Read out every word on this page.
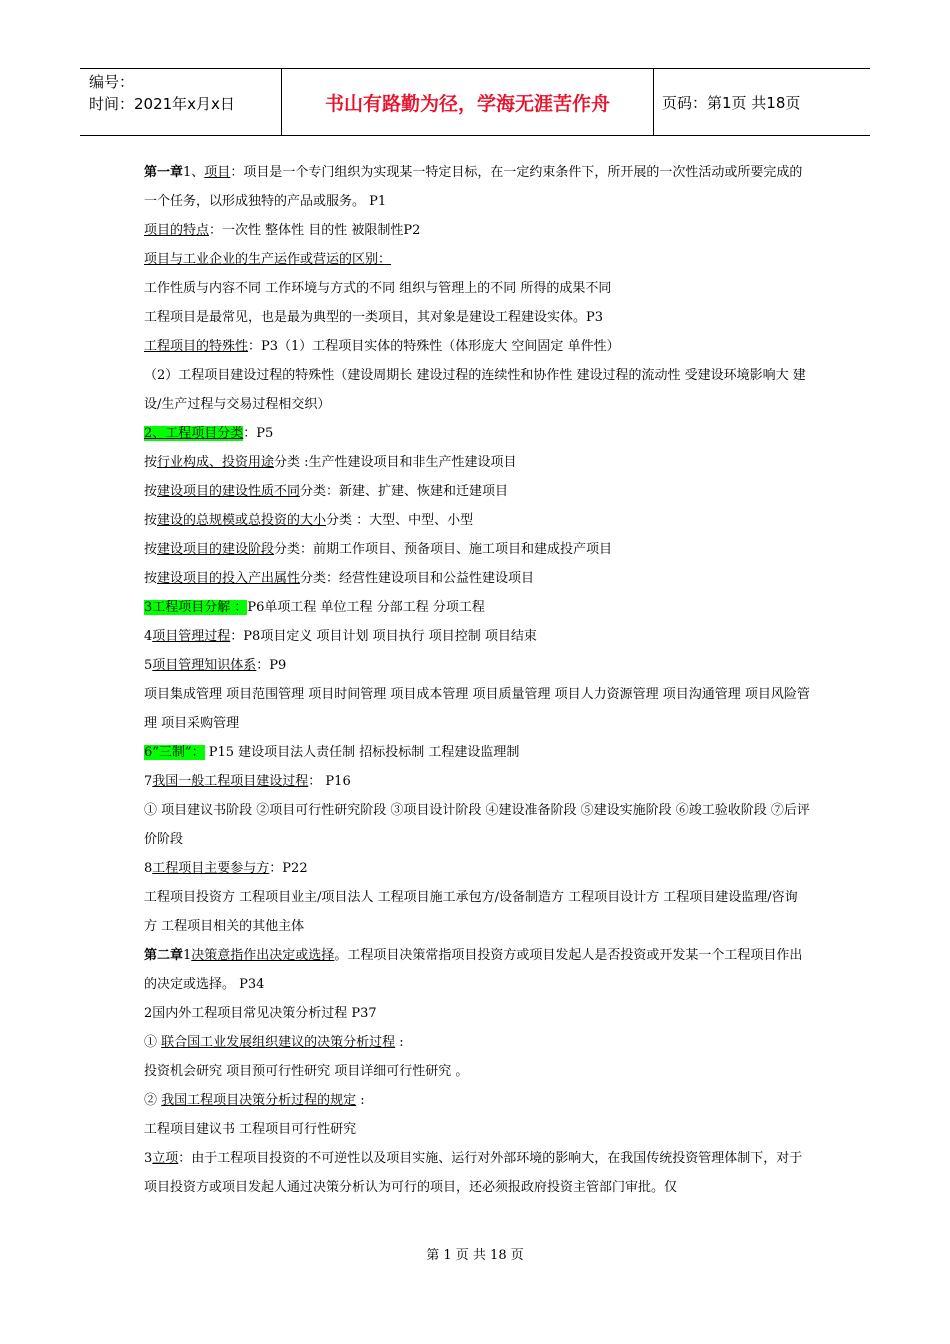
编号：
时间：2021年x月x日	书山有路勤为径，学海无涯苦作舟	页码：第1页 共18页

第一章1、项目：项目是一个专门组织为实现某一特定目标，在一定约束条件下，所开展的一次性活动或所要完成的一个任务，以形成独特的产品或服务。 P1

项目的特点：一次性 整体性 目的性 被限制性P2

项目与工业企业的生产运作或营运的区别：

工作性质与内容不同 工作环境与方式的不同 组织与管理上的不同 所得的成果不同

工程项目是最常见，也是最为典型的一类项目，其对象是建设工程建设实体。P3

工程项目的特殊性：P3（1）工程项目实体的特殊性（体形庞大 空间固定 单件性）

（2）工程项目建设过程的特殊性（建设周期长 建设过程的连续性和协作性 建设过程的流动性 受建设环境影响大 建设/生产过程与交易过程相交织）

2、工程项目分类：P5

按行业构成、投资用途分类 :生产性建设项目和非生产性建设项目

按建设项目的建设性质不同分类：新建、扩建、恢建和迁建项目

按建设的总规模或总投资的大小分类 ：大型、中型、小型

按建设项目的建设阶段分类：前期工作项目、预备项目、施工项目和建成投产项目

按建设项目的投入产出属性分类：经营性建设项目和公益性建设项目

3工程项目分解 ：P6单项工程 单位工程 分部工程 分项工程

4项目管理过程：P8项目定义 项目计划 项目执行 项目控制 项目结束

5项目管理知识体系：P9

项目集成管理 项目范围管理 项目时间管理 项目成本管理 项目质量管理 项目人力资源管理 项目沟通管理 项目风险管理 项目采购管理

6“三制”： P15 建设项目法人责任制 招标投标制 工程建设监理制

7我国一般工程项目建设过程： P16

① 项目建议书阶段 ②项目可行性研究阶段 ③项目设计阶段 ④建设准备阶段 ⑤建设实施阶段 ⑥竣工验收阶段 ⑦后评价阶段

8工程项目主要参与方：P22

工程项目投资方 工程项目业主/项目法人 工程项目施工承包方/设备制造方 工程项目设计方 工程项目建设监理/咨询方 工程项目相关的其他主体

第二章1决策意指作出决定或选择。工程项目决策常指项目投资方或项目发起人是否投资或开发某一个工程项目作出的决定或选择。 P34

2国内外工程项目常见决策分析过程 P37

① 联合国工业发展组织建议的决策分析过程 :

投资机会研究 项目预可行性研究 项目详细可行性研究 。

② 我国工程项目决策分析过程的规定 :

工程项目建议书 工程项目可行性研究

3立项：由于工程项目投资的不可逆性以及项目实施、运行对外部环境的影响大，在我国传统投资管理体制下，对于项目投资方或项目发起人通过决策分析认为可行的项目，还必须报政府投资主管部门审批。仅

第 1 页 共 18 页
